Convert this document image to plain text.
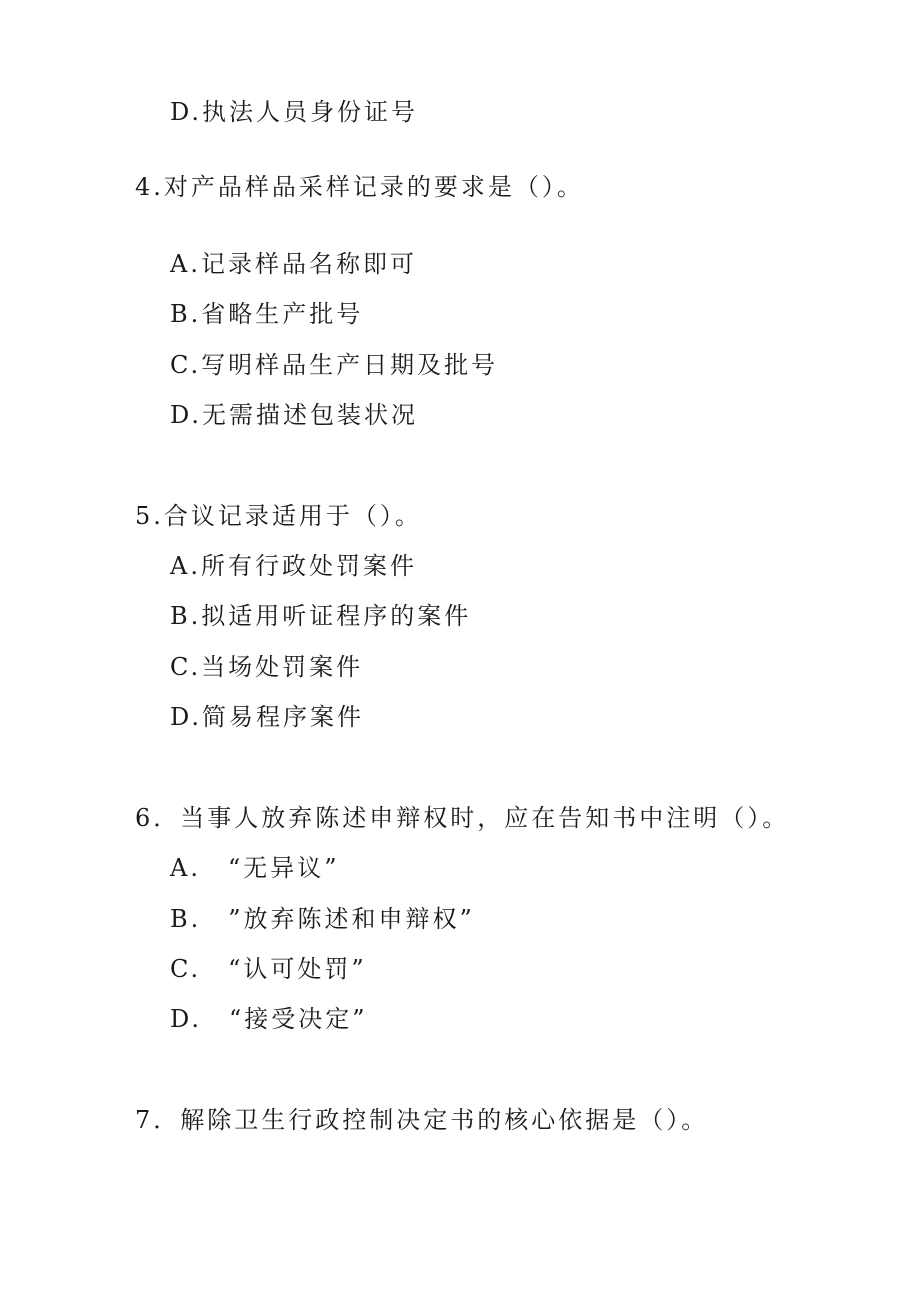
D.执法人员身份证号
4.对产品样品采样记录的要求是（）。
A.记录样品名称即可
B.省略生产批号
C.写明样品生产日期及批号
D.无需描述包装状况
5.合议记录适用于（）。
A.所有行政处罚案件
B.拟适用听证程序的案件
C.当场处罚案件
D.简易程序案件
6．当事人放弃陈述申辩权时，应在告知书中注明（）。
A.　“无异议”
B.　”放弃陈述和申辩权”
C.　“认可处罚”
D.　“接受决定”
7．解除卫生行政控制决定书的核心依据是（）。
